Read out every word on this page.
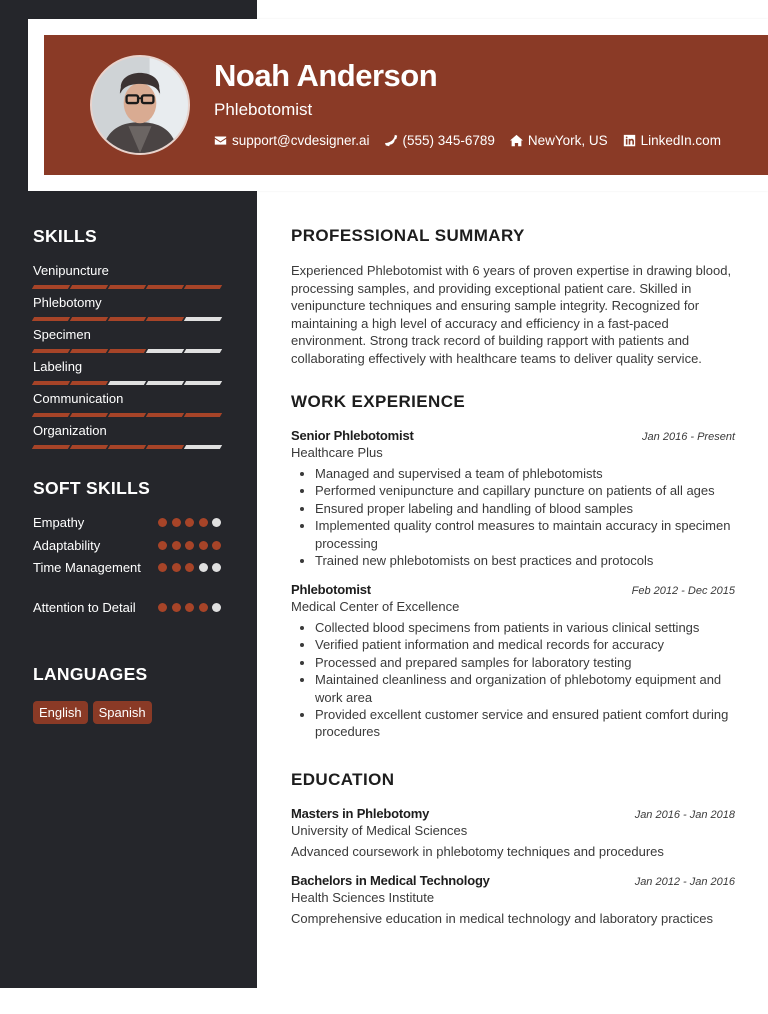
Noah Anderson
Phlebotomist
support@cvdesigner.ai (555) 345-6789 NewYork, US LinkedIn.com
SKILLS
Venipuncture
Phlebotomy
Specimen
Labeling
Communication
Organization
SOFT SKILLS
Empathy
Adaptability
Time Management
Attention to Detail
LANGUAGES
English	Spanish
PROFESSIONAL SUMMARY

Experienced Phlebotomist with 6 years of proven expertise in drawing blood, processing samples, and providing exceptional patient care. Skilled in venipuncture techniques and ensuring sample integrity. Recognized for maintaining a high level of accuracy and efficiency in a fast-paced environment. Strong track record of building rapport with patients and collaborating effectively with healthcare teams to deliver quality service.

WORK EXPERIENCE
Senior Phlebotomist	Jan 2016 - Present
Healthcare Plus
• Managed and supervised a team of phlebotomists
• Performed venipuncture and capillary puncture on patients of all ages
• Ensured proper labeling and handling of blood samples
• Implemented quality control measures to maintain accuracy in specimen processing
• Trained new phlebotomists on best practices and protocols
Phlebotomist	Feb 2012 - Dec 2015
Medical Center of Excellence
• Collected blood specimens from patients in various clinical settings
• Verified patient information and medical records for accuracy
• Processed and prepared samples for laboratory testing
• Maintained cleanliness and organization of phlebotomy equipment and work area
• Provided excellent customer service and ensured patient comfort during procedures
EDUCATION
Masters in Phlebotomy	Jan 2016 - Jan 2018
University of Medical Sciences
Advanced coursework in phlebotomy techniques and procedures
Bachelors in Medical Technology	Jan 2012 - Jan 2016
Health Sciences Institute
Comprehensive education in medical technology and laboratory practices
